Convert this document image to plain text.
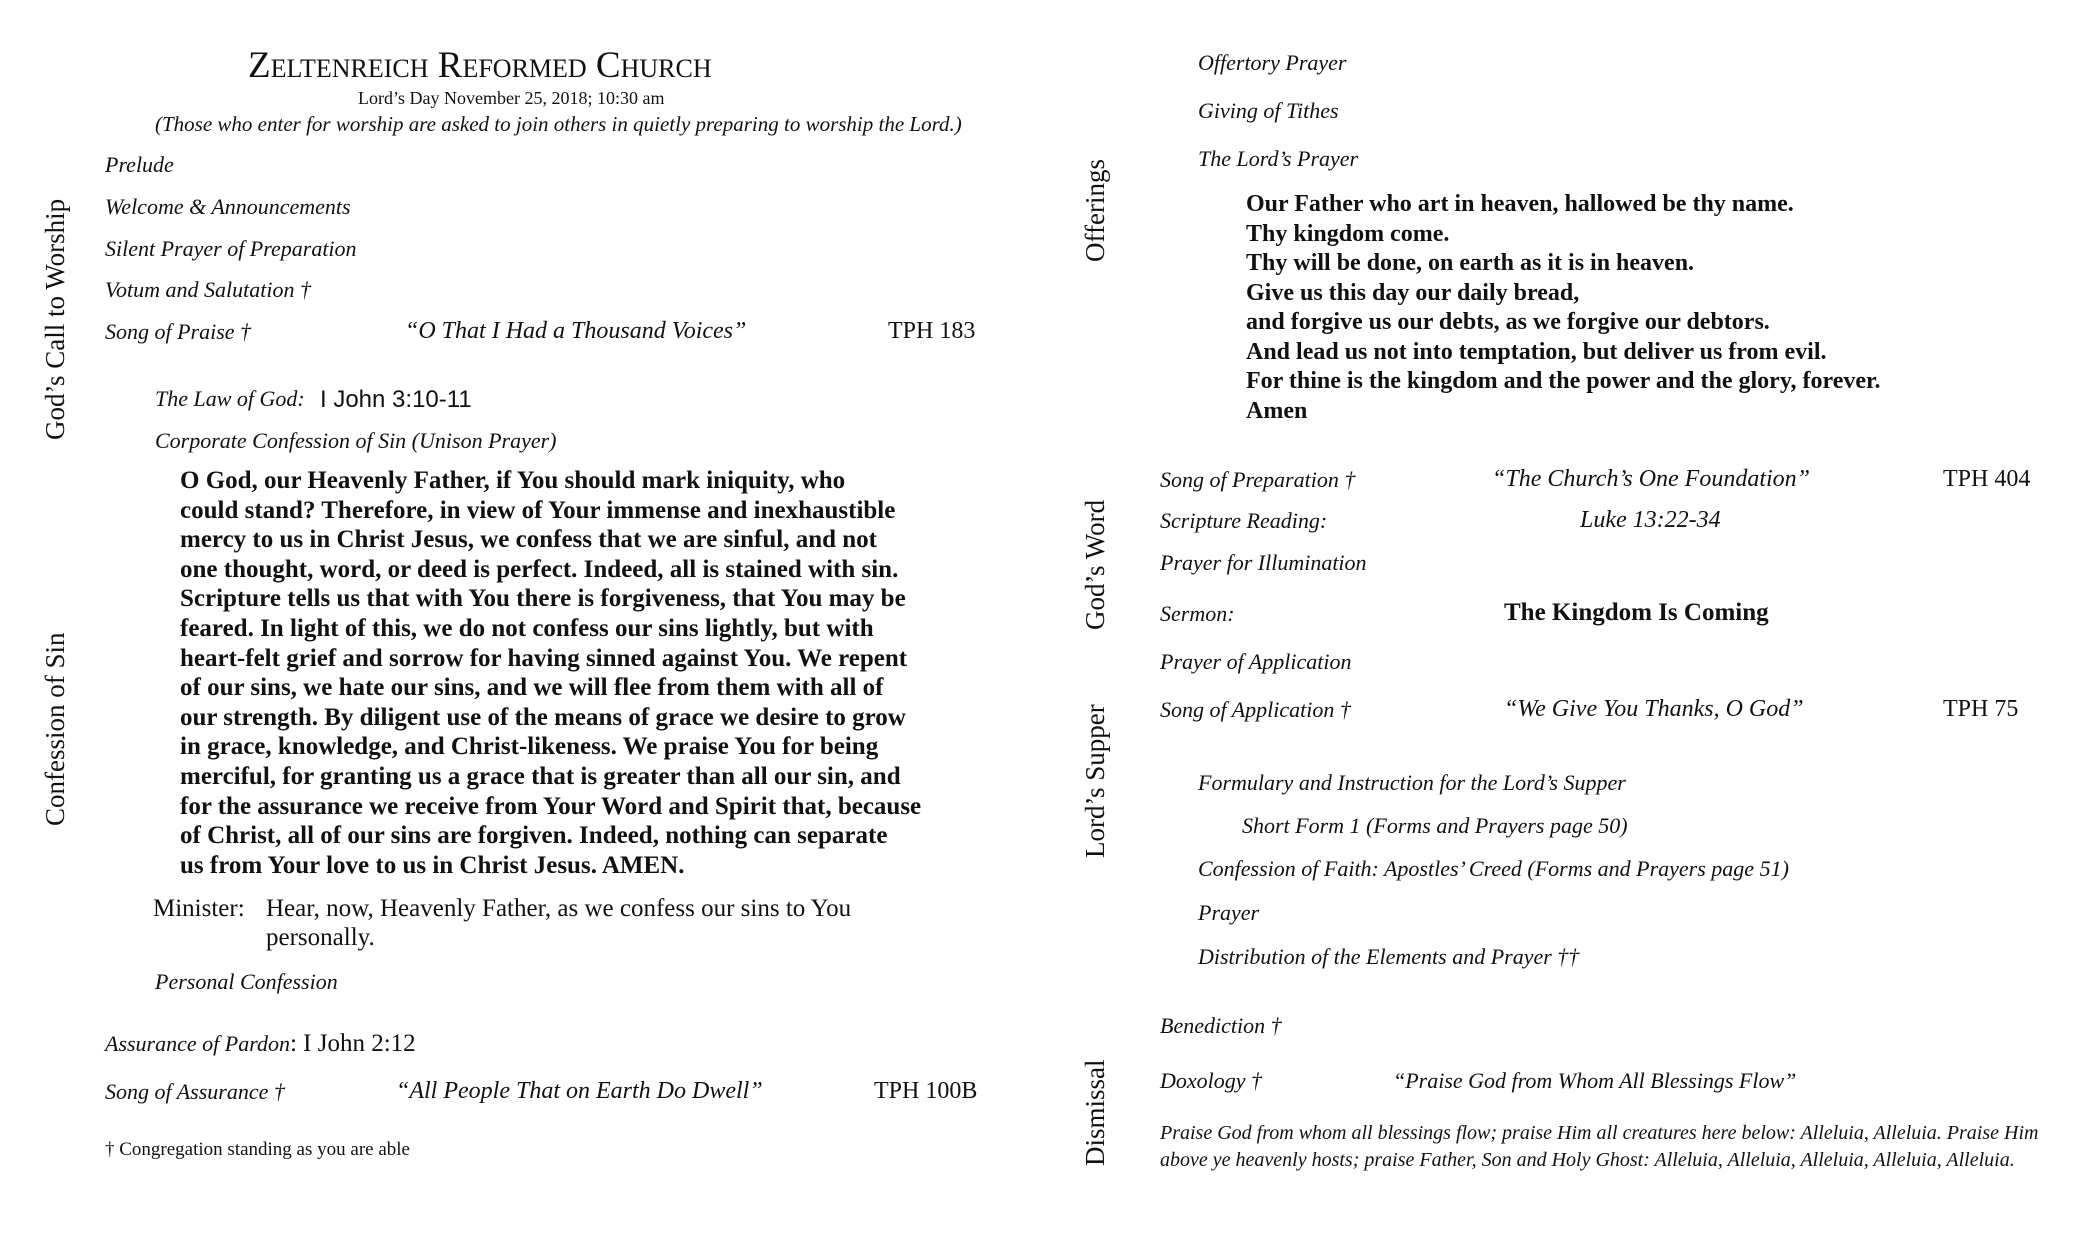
Zeltenreich Reformed Church
Lord’s Day November 25, 2018; 10:30 am
(Those who enter for worship are asked to join others in quietly preparing to worship the Lord.)
God’s Call to Worship
Confession of Sin
Offerings
God’s Word
Lord’s Supper
Dismissal
Prelude
Welcome & Announcements
Silent Prayer of Preparation
Votum and Salutation †
Song of Praise †	“O That I Had a Thousand Voices”	TPH 183
The Law of God: I John 3:10-11
Corporate Confession of Sin (Unison Prayer)
O God, our Heavenly Father, if You should mark iniquity, who
could stand? Therefore, in view of Your immense and inexhaustible
mercy to us in Christ Jesus, we confess that we are sinful, and not
one thought, word, or deed is perfect. Indeed, all is stained with sin.
Scripture tells us that with You there is forgiveness, that You may be
feared. In light of this, we do not confess our sins lightly, but with
heart-felt grief and sorrow for having sinned against You. We repent
of our sins, we hate our sins, and we will flee from them with all of
our strength. By diligent use of the means of grace we desire to grow
in grace, knowledge, and Christ-likeness. We praise You for being
merciful, for granting us a grace that is greater than all our sin, and
for the assurance we receive from Your Word and Spirit that, because
of Christ, all of our sins are forgiven. Indeed, nothing can separate
us from Your love to us in Christ Jesus. AMEN.
Minister: Hear, now, Heavenly Father, as we confess our sins to You
personally.
Personal Confession
Assurance of Pardon: I John 2:12
Song of Assurance †	“All People That on Earth Do Dwell”	TPH 100B
† Congregation standing as you are able
Offertory Prayer
Giving of Tithes
The Lord’s Prayer
Our Father who art in heaven, hallowed be thy name.
Thy kingdom come.
Thy will be done, on earth as it is in heaven.
Give us this day our daily bread,
and forgive us our debts, as we forgive our debtors.
And lead us not into temptation, but deliver us from evil.
For thine is the kingdom and the power and the glory, forever.
Amen
Song of Preparation †	“The Church’s One Foundation”	TPH 404
Scripture Reading:	Luke 13:22-34
Prayer for Illumination
Sermon:	The Kingdom Is Coming
Prayer of Application
Song of Application †	“We Give You Thanks, O God”	TPH 75
Formulary and Instruction for the Lord’s Supper
Short Form 1 (Forms and Prayers page 50)
Confession of Faith: Apostles’ Creed (Forms and Prayers page 51)
Prayer
Distribution of the Elements and Prayer ††
Benediction †
Doxology †	“Praise God from Whom All Blessings Flow”
Praise God from whom all blessings flow; praise Him all creatures here below: Alleluia, Alleluia. Praise Him
above ye heavenly hosts; praise Father, Son and Holy Ghost: Alleluia, Alleluia, Alleluia, Alleluia, Alleluia.
